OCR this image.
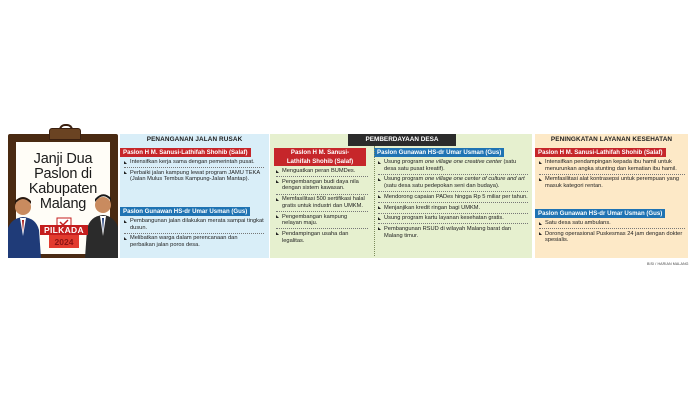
Janji Dua Paslon di Kabupaten Malang
PILKADA
2024
PENANGANAN JALAN RUSAK
Paslon H M. Sanusi-Lathifah Shohib (Salaf)
Intensifkan kerja sama dengan pemerintah pusat.
Perbaiki jalan kampung lewat program JAMU TEKA (Jalan Mulus Tembus Kampung-Jalan Mantap).
Paslon Gunawan HS-dr Umar Usman (Gus)
Pembangunan jalan dilakukan merata sampai tingkat dusun.
Melibatkan warga dalam perencanaan dan perbaikan jalan poros desa.
PEMBERDAYAAN DESA
Paslon H M. Sanusi-
Lathifah Shohib (Salaf)
Menguatkan peran BUMDes.
Pengembangan budi daya nila dengan sistem kawasan.
Memfasilitasi 500 sertifikasi halal gratis untuk industri dan UMKM.
Pengembangan kampung nelayan maju.
Pendampingan usaha dan legalitas.
Paslon Gunawan HS-dr Umar Usman (Gus)
Usung program one village one creative center (satu desa satu pusat kreatif).
Usung program one village one center of culture and art (satu desa satu pedepokan seni dan budaya).
Mendorong capaian PADes hingga Rp 5 miliar per tahun.
Menjanjikan kredit ringan bagi UMKM.
Usung program kartu layanan kesehatan gratis.
Pembangunan RSUD di wilayah Malang barat dan Malang timur.
PENINGKATAN LAYANAN KESEHATAN
Paslon H M. Sanusi-Lathifah Shohib (Salaf)
Intensifkan pendampingan kepada ibu hamil untuk menurunkan angka stunting dan kematian ibu hamil.
Memfasilitasi alat kontrasepsi untuk perempuan yang masuk kategori rentan.
Paslon Gunawan HS-dr Umar Usman (Gus)
Satu desa satu ambulans.
Dorong operasional Puskesmas 24 jam dengan dokter spesialis.
BISI / HARIAN MALANG
